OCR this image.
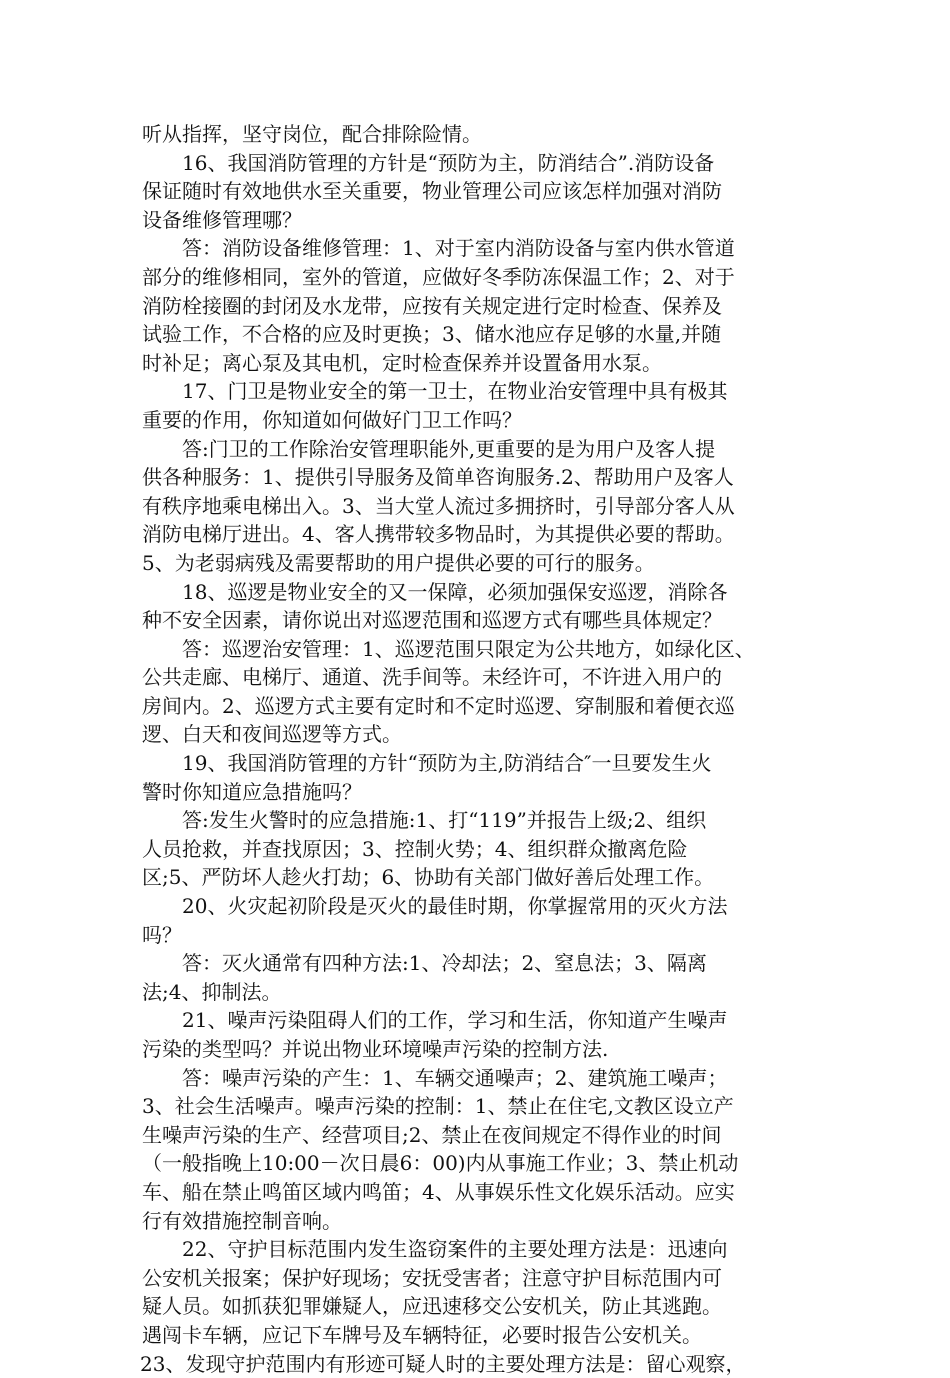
听从指挥，坚守岗位，配合排除险情。
　　16、我国消防管理的方针是“预防为主，防消结合”.消防设备
保证随时有效地供水至关重要，物业管理公司应该怎样加强对消防
设备维修管理哪？
　　答：消防设备维修管理：1、对于室内消防设备与室内供水管道
部分的维修相同，室外的管道，应做好冬季防冻保温工作；2、对于
消防栓接圈的封闭及水龙带，应按有关规定进行定时检查、保养及
试验工作，不合格的应及时更换；3、储水池应存足够的水量,并随
时补足；离心泵及其电机，定时检查保养并设置备用水泵。
　　17、门卫是物业安全的第一卫士，在物业治安管理中具有极其
重要的作用，你知道如何做好门卫工作吗？
　　答:门卫的工作除治安管理职能外,更重要的是为用户及客人提
供各种服务：1、提供引导服务及简单咨询服务.2、帮助用户及客人
有秩序地乘电梯出入。3、当大堂人流过多拥挤时，引导部分客人从
消防电梯厅进出。4、客人携带较多物品时，为其提供必要的帮助。
5、为老弱病残及需要帮助的用户提供必要的可行的服务。
　　18、巡逻是物业安全的又一保障，必须加强保安巡逻，消除各
种不安全因素，请你说出对巡逻范围和巡逻方式有哪些具体规定？
　　答：巡逻治安管理：1、巡逻范围只限定为公共地方，如绿化区、
公共走廊、电梯厅、通道、洗手间等。未经许可，不许进入用户的
房间内。2、巡逻方式主要有定时和不定时巡逻、穿制服和着便衣巡
逻、白天和夜间巡逻等方式。
　　19、我国消防管理的方针“预防为主,防消结合″一旦要发生火
警时你知道应急措施吗？
　　答:发生火警时的应急措施:1、打“119”并报告上级;2、组织
人员抢救，并查找原因；3、控制火势；4、组织群众撤离危险
区;5、严防坏人趁火打劫；6、协助有关部门做好善后处理工作。
　　20、火灾起初阶段是灭火的最佳时期，你掌握常用的灭火方法
吗？
　　答：灭火通常有四种方法:1、冷却法；2、窒息法；3、隔离
法;4、抑制法。
　　21、噪声污染阻碍人们的工作，学习和生活，你知道产生噪声
污染的类型吗？并说出物业环境噪声污染的控制方法.
　　答：噪声污染的产生：1、车辆交通噪声；2、建筑施工噪声；
3、社会生活噪声。噪声污染的控制：1、禁止在住宅,文教区设立产
生噪声污染的生产、经营项目;2、禁止在夜间规定不得作业的时间
（一般指晚上10:00－次日晨6：00)内从事施工作业；3、禁止机动
车、船在禁止鸣笛区域内鸣笛；4、从事娱乐性文化娱乐活动。应实
行有效措施控制音响。
　　22、守护目标范围内发生盗窃案件的主要处理方法是：迅速向
公安机关报案；保护好现场；安抚受害者；注意守护目标范围内可
疑人员。如抓获犯罪嫌疑人，应迅速移交公安机关，防止其逃跑。
遇闯卡车辆，应记下车牌号及车辆特征，必要时报告公安机关。
23、发现守护范围内有形迹可疑人时的主要处理方法是：留心观察，
